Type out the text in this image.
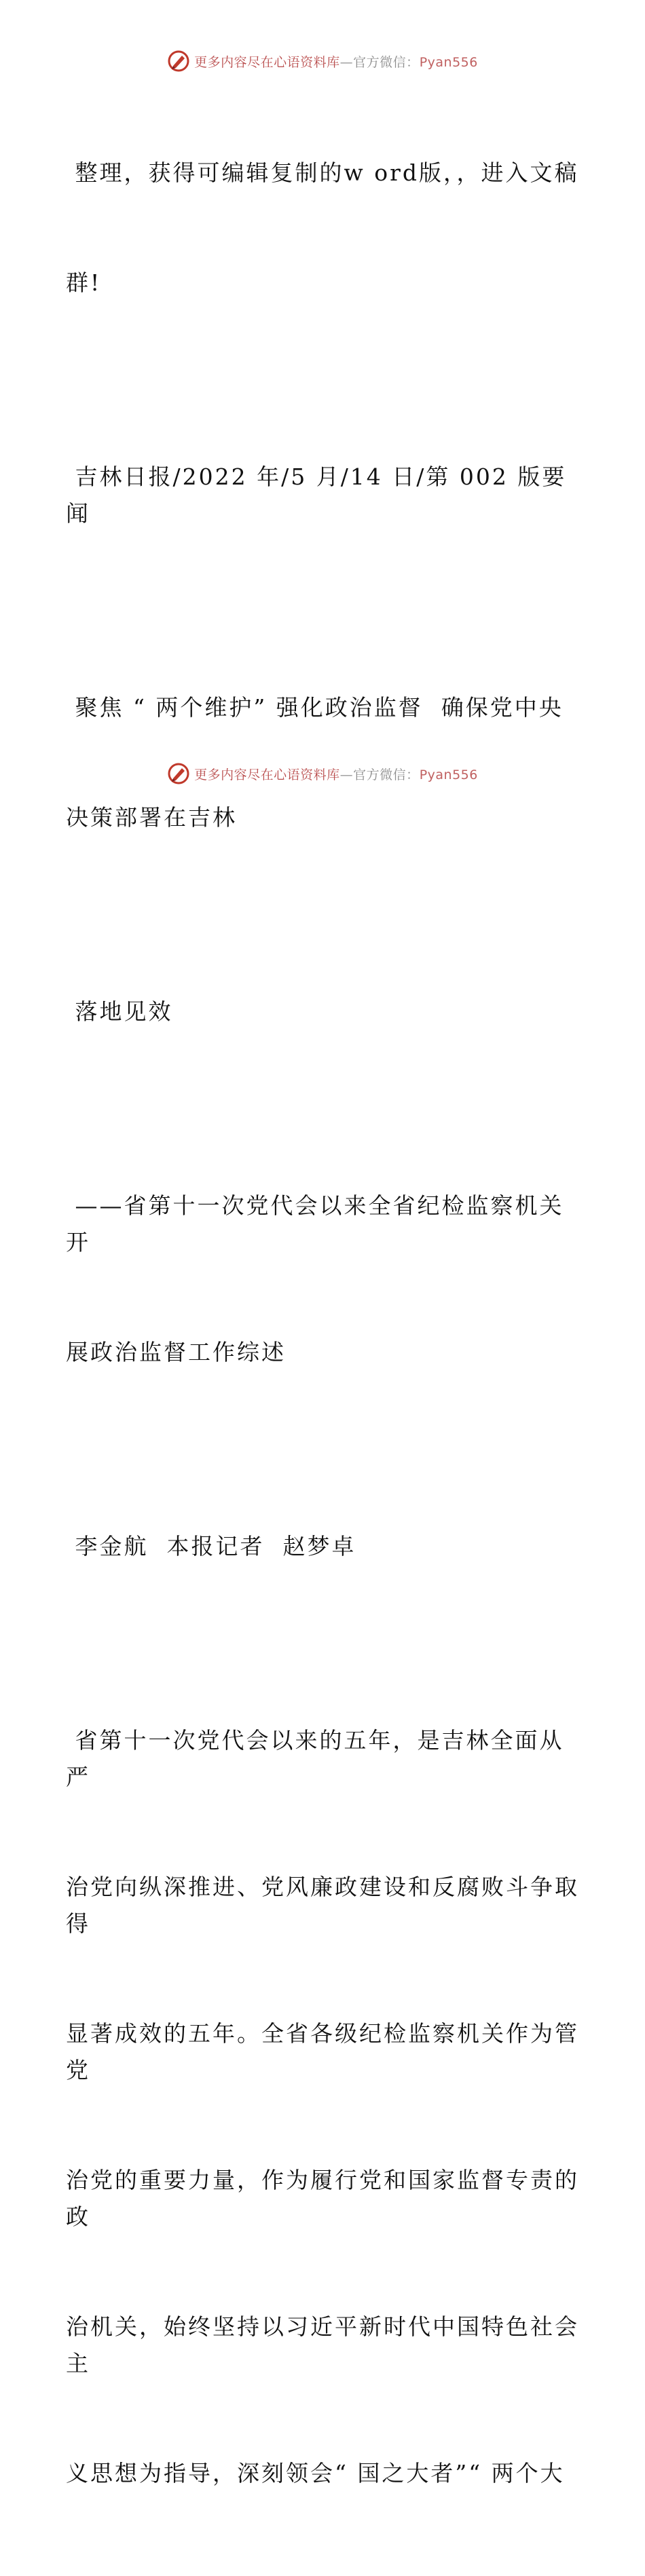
更多内容尽在心语资料库—官方微信：Pyan556

整理，获得可编辑复制的w ord版，，进入文稿

群!

吉林日报/2022 年/5 月/14 日/第 002 版要闻

聚焦 “ 两个维护” 强化政治监督  确保党中央

决策部署在吉林

落地见效

——省第十一次党代会以来全省纪检监察机关开

展政治监督工作综述

李金航  本报记者  赵梦卓

省第十一次党代会以来的五年，是吉林全面从严

治党向纵深推进、党风廉政建设和反腐败斗争取得

显著成效的五年。全省各级纪检监察机关作为管党

治党的重要力量，作为履行党和国家监督专责的政

治机关，始终坚持以习近平新时代中国特色社会主

义思想为指导，深刻领会“ 国之大者”“ 两个大

更多内容尽在心语资料库—官方微信：Pyan556
